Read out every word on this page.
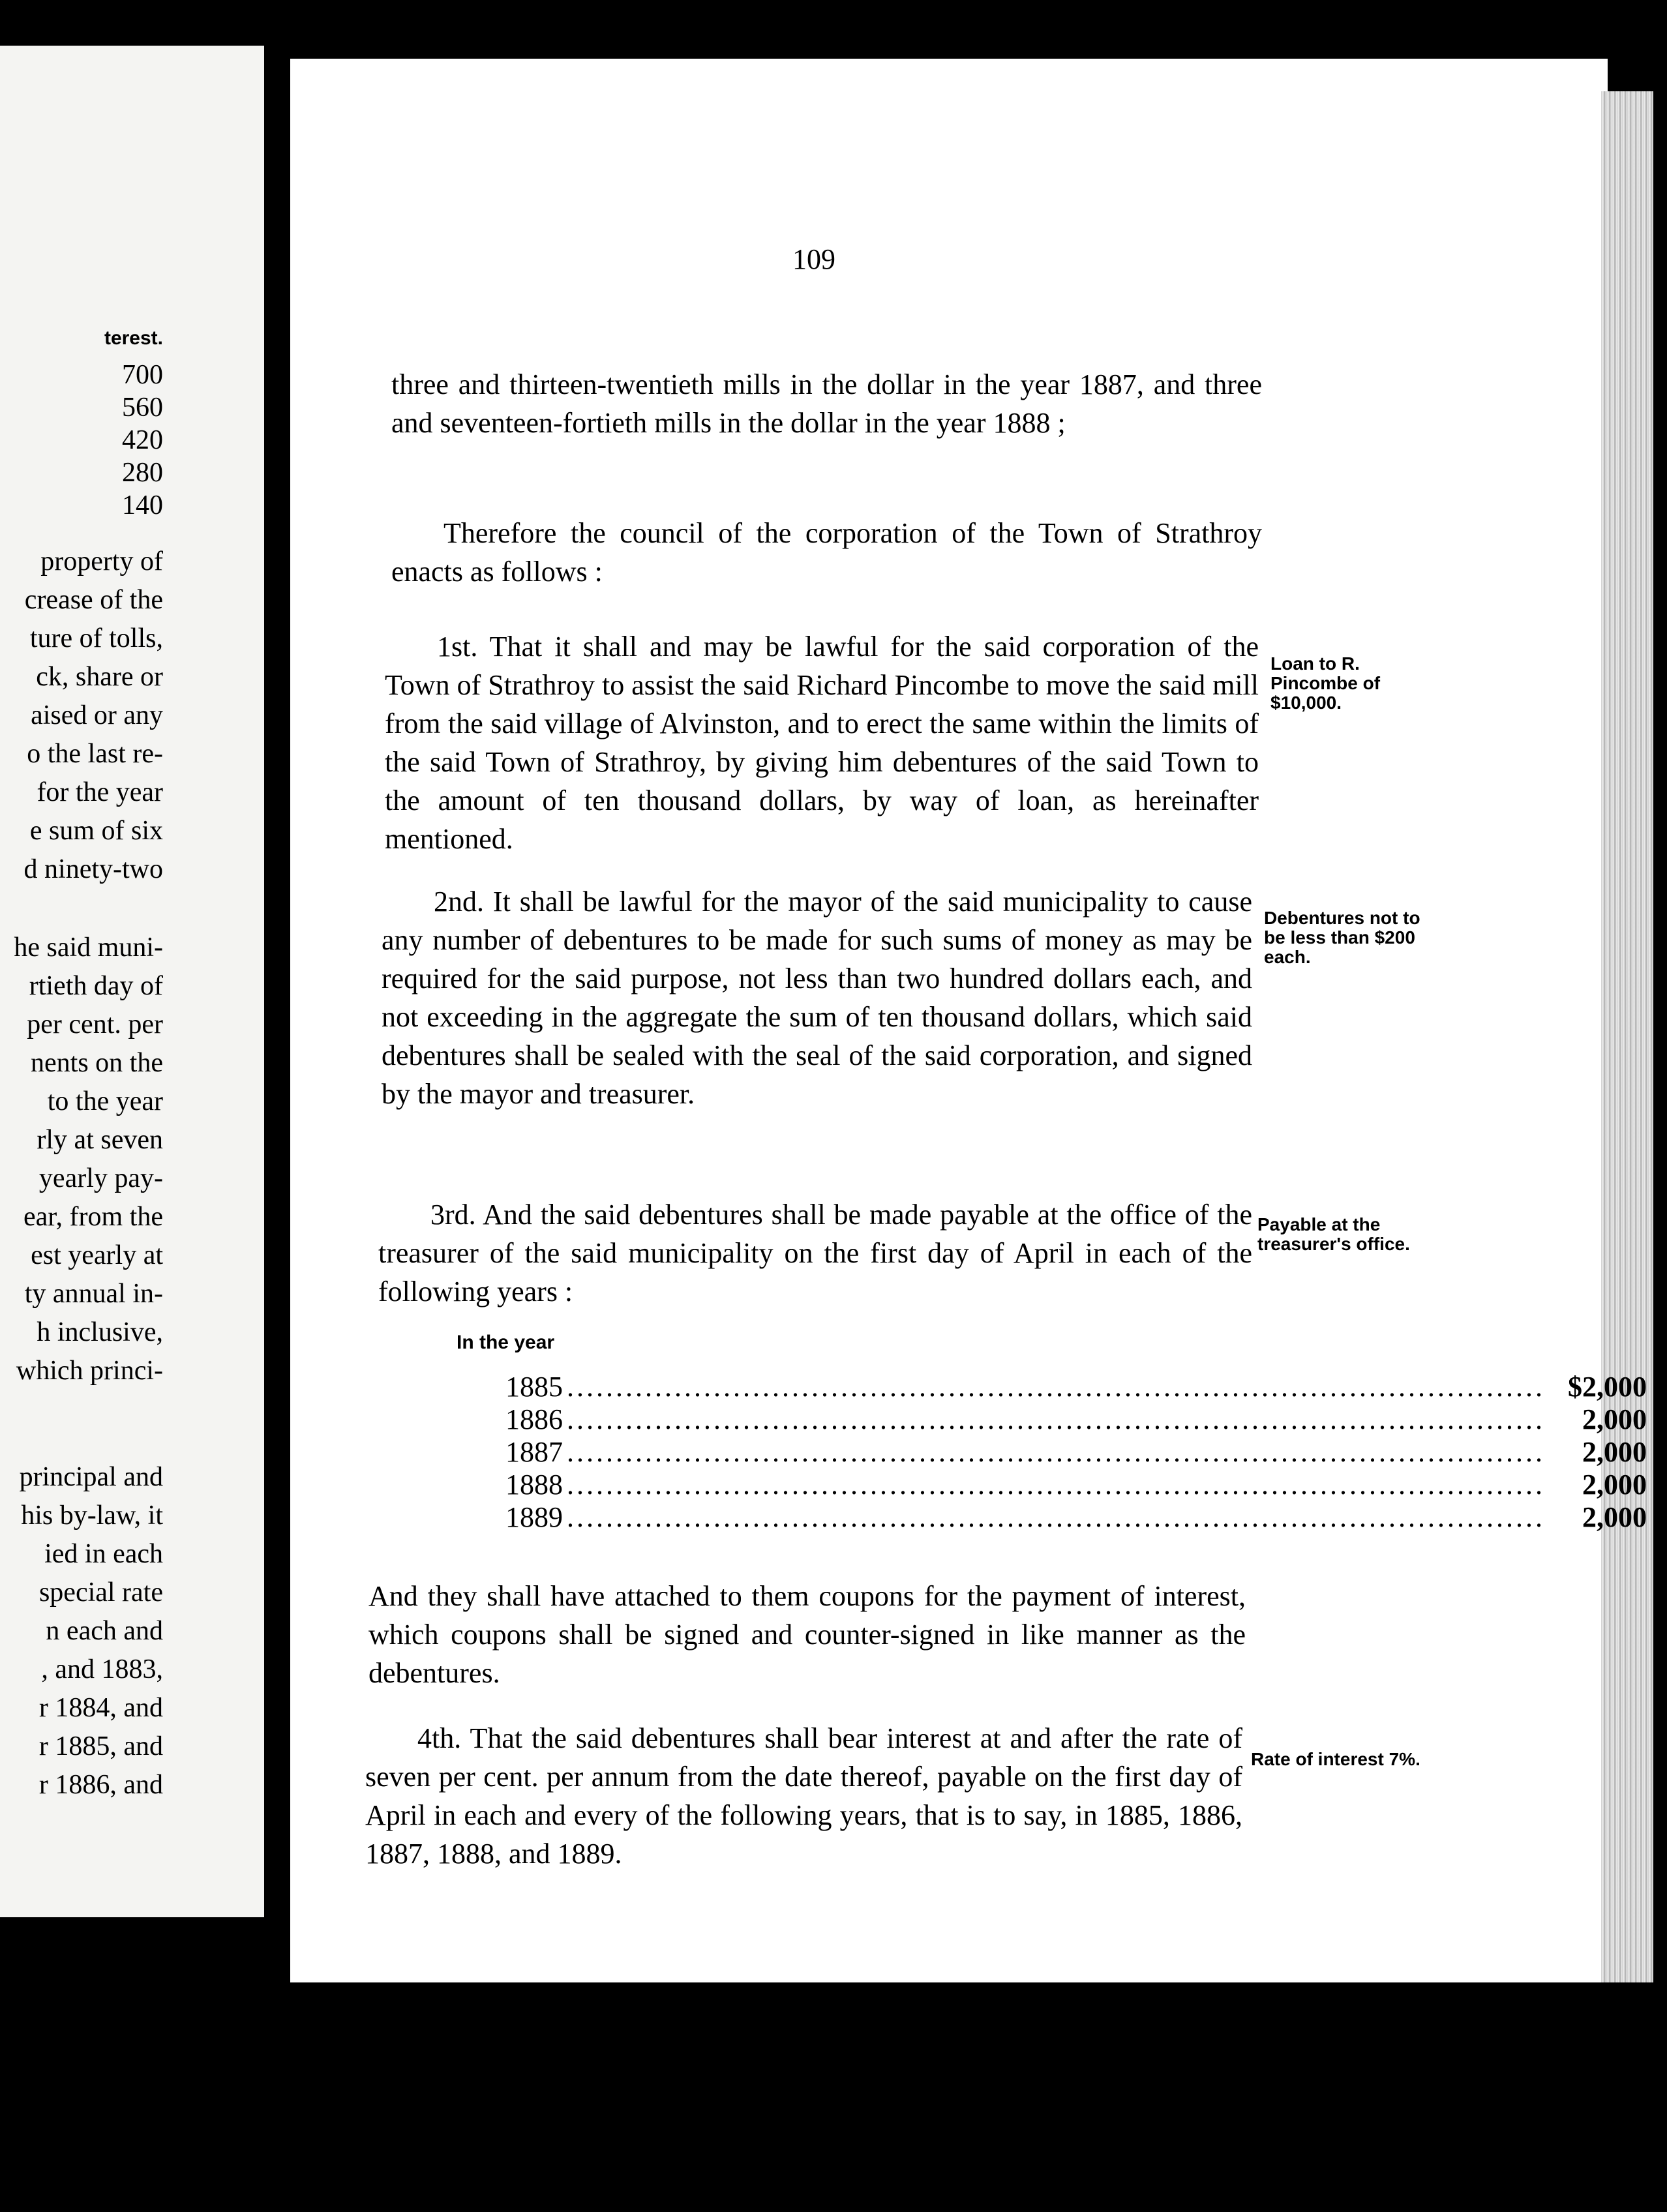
terest.
700
560
420
280
140
property of
crease of the
ture of tolls,
ck, share or
aised or any
o the last re-
for the year
e sum of six
d ninety-two
he said muni-
rtieth day of
per cent. per
nents on the
to the year
rly at seven
yearly pay-
ear, from the
est yearly at
ty annual in-
h inclusive,
which princi-
principal and
his by-law, it
ied in each
special rate
n each and
, and 1883,
r 1884, and
r 1885, and
r 1886, and
109

three and thirteen-twentieth mills in the dollar in the year 1887, and three and seventeen-fortieth mills in the dollar in the year 1888 ;

Therefore the council of the corporation of the Town of Strathroy enacts as follows :

1st. That it shall and may be lawful for the said corporation of the Town of Strathroy to assist the said Richard Pincombe to move the said mill from the said village of Alvinston, and to erect the same within the limits of the said Town of Strathroy, by giving him debentures of the said Town to the amount of ten thousand dollars, by way of loan, as hereinafter mentioned.

Loan to R. Pincombe of $10,000.

2nd. It shall be lawful for the mayor of the said municipality to cause any number of debentures to be made for such sums of money as may be required for the said purpose, not less than two hundred dollars each, and not exceeding in the aggregate the sum of ten thousand dollars, which said debentures shall be sealed with the seal of the said corporation, and signed by the mayor and treasurer.

Debentures not to be less than $200 each.

3rd. And the said debentures shall be made payable at the office of the treasurer of the said municipality on the first day of April in each of the following years :

Payable at the treasurer's office.
In the year
1885 .................................................................................................... $2,000
1886 ....................................................................................................	2,000
1887 ....................................................................................................	2,000
1888 ....................................................................................................	2,000
1889 ....................................................................................................	2,000

And they shall have attached to them coupons for the payment of interest, which coupons shall be signed and counter-signed in like manner as the debentures.

4th. That the said debentures shall bear interest at and after the rate of seven per cent. per annum from the date thereof, payable on the first day of April in each and every of the following years, that is to say, in 1885, 1886, 1887, 1888, and 1889.

Rate of interest 7%.
